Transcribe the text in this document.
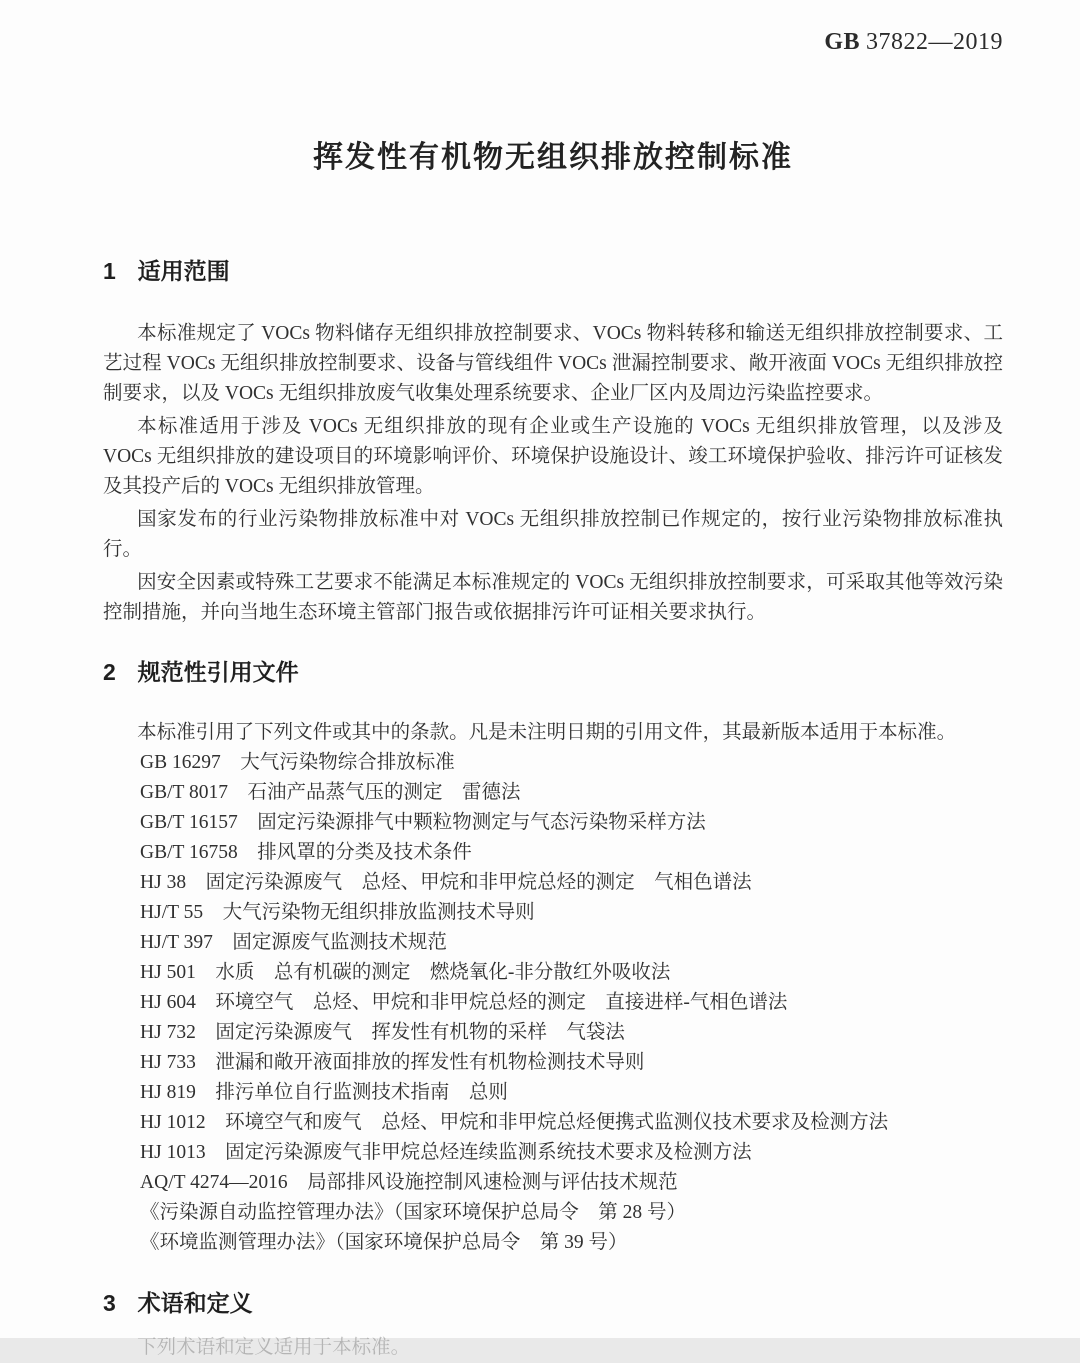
GB 37822—2019
挥发性有机物无组织排放控制标准
1 适用范围

本标准规定了 VOCs 物料储存无组织排放控制要求、VOCs 物料转移和输送无组织排放控制要求、工艺过程 VOCs 无组织排放控制要求、设备与管线组件 VOCs 泄漏控制要求、敞开液面 VOCs 无组织排放控制要求，以及 VOCs 无组织排放废气收集处理系统要求、企业厂区内及周边污染监控要求。

本标准适用于涉及 VOCs 无组织排放的现有企业或生产设施的 VOCs 无组织排放管理，以及涉及 VOCs 无组织排放的建设项目的环境影响评价、环境保护设施设计、竣工环境保护验收、排污许可证核发及其投产后的 VOCs 无组织排放管理。

国家发布的行业污染物排放标准中对 VOCs 无组织排放控制已作规定的，按行业污染物排放标准执行。

因安全因素或特殊工艺要求不能满足本标准规定的 VOCs 无组织排放控制要求，可采取其他等效污染控制措施，并向当地生态环境主管部门报告或依据排污许可证相关要求执行。

2 规范性引用文件

本标准引用了下列文件或其中的条款。凡是未注明日期的引用文件，其最新版本适用于本标准。

GB 16297　大气污染物综合排放标准
GB/T 8017　石油产品蒸气压的测定　雷德法
GB/T 16157　固定污染源排气中颗粒物测定与气态污染物采样方法
GB/T 16758　排风罩的分类及技术条件
HJ 38　固定污染源废气　总烃、甲烷和非甲烷总烃的测定　气相色谱法
HJ/T 55　大气污染物无组织排放监测技术导则
HJ/T 397　固定源废气监测技术规范
HJ 501　水质　总有机碳的测定　燃烧氧化-非分散红外吸收法
HJ 604　环境空气　总烃、甲烷和非甲烷总烃的测定　直接进样-气相色谱法
HJ 732　固定污染源废气　挥发性有机物的采样　气袋法
HJ 733　泄漏和敞开液面排放的挥发性有机物检测技术导则
HJ 819　排污单位自行监测技术指南　总则
HJ 1012　环境空气和废气　总烃、甲烷和非甲烷总烃便携式监测仪技术要求及检测方法
HJ 1013　固定污染源废气非甲烷总烃连续监测系统技术要求及检测方法
AQ/T 4274—2016　局部排风设施控制风速检测与评估技术规范
《污染源自动监控管理办法》（国家环境保护总局令　第 28 号）
《环境监测管理办法》（国家环境保护总局令　第 39 号）
3 术语和定义
下列术语和定义适用于本标准。
